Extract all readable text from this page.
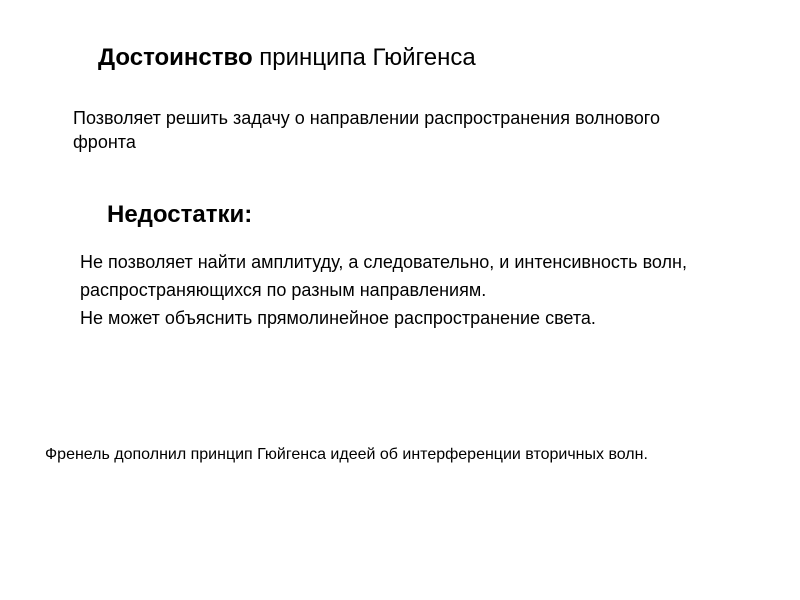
Достоинство принципа Гюйгенса
Позволяет решить задачу о направлении распространения волнового фронта
Недостатки:

Не позволяет найти амплитуду, а следовательно, и интенсивность волн, распространяющихся по разным направлениям.

Не может объяснить прямолинейное распространение света.

Френель дополнил принцип Гюйгенса идеей об интерференции вторичных волн.
